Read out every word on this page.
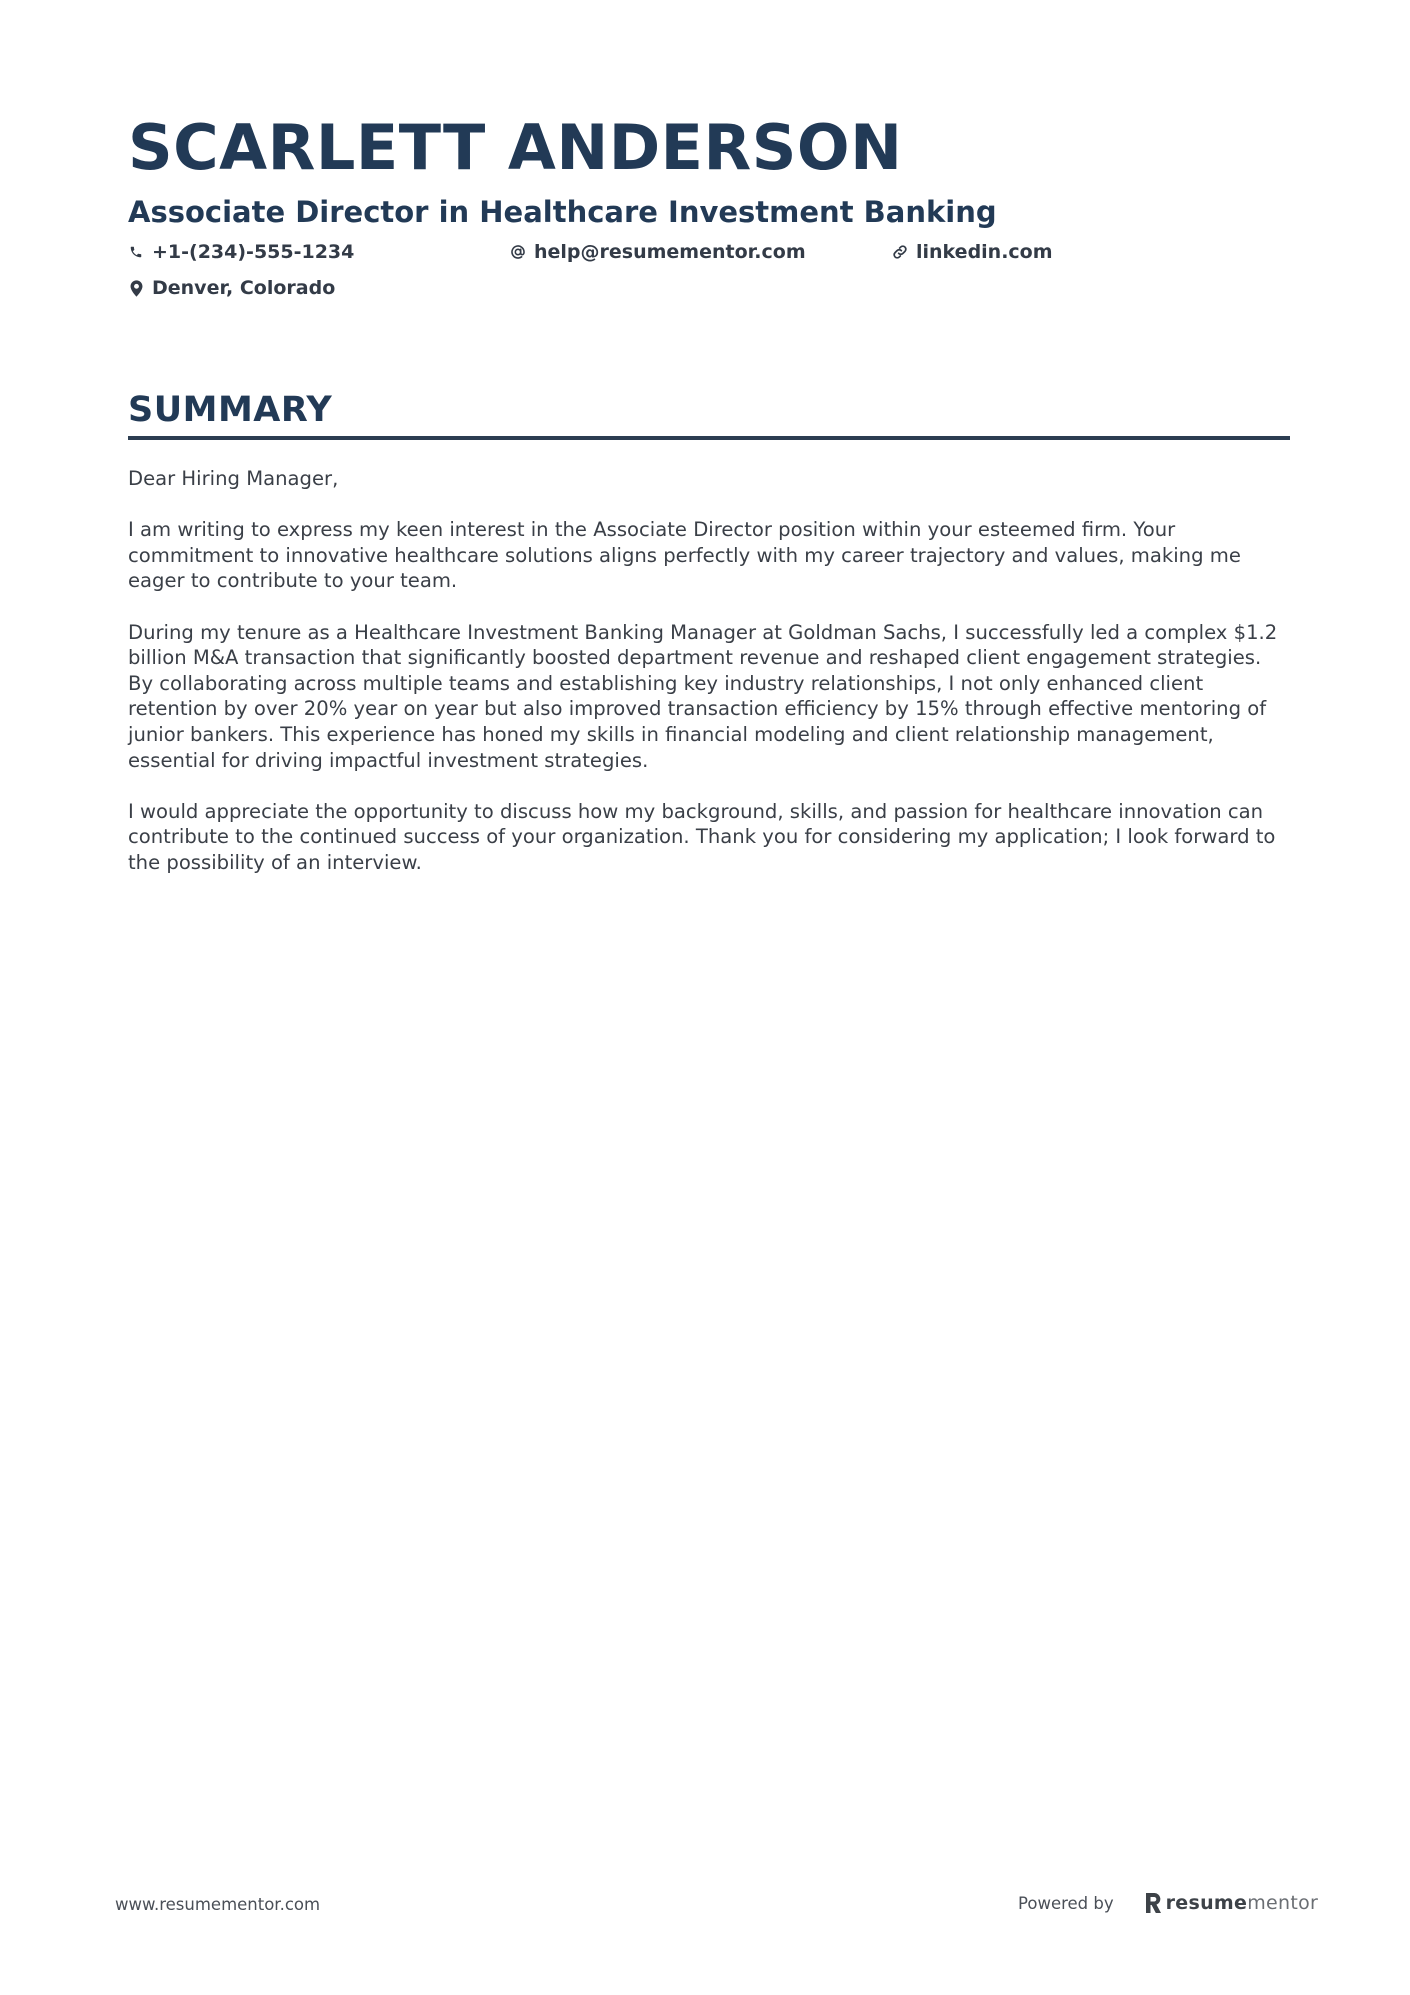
SCARLETT ANDERSON
Associate Director in Healthcare Investment Banking
+1-(234)-555-1234	help@resumementor.com	linkedin.com
Denver, Colorado
SUMMARY

Dear Hiring Manager,

I am writing to express my keen interest in the Associate Director position within your esteemed firm. Your commitment to innovative healthcare solutions aligns perfectly with my career trajectory and values, making me eager to contribute to your team.

During my tenure as a Healthcare Investment Banking Manager at Goldman Sachs, I successfully led a complex $1.2 billion M&A transaction that significantly boosted department revenue and reshaped client engagement strategies. By collaborating across multiple teams and establishing key industry relationships, I not only enhanced client retention by over 20% year on year but also improved transaction efficiency by 15% through effective mentoring of junior bankers. This experience has honed my skills in financial modeling and client relationship management, essential for driving impactful investment strategies.

I would appreciate the opportunity to discuss how my background, skills, and passion for healthcare innovation can contribute to the continued success of your organization. Thank you for considering my application; I look forward to the possibility of an interview.

www.resumementor.com	Powered by	resumementor
